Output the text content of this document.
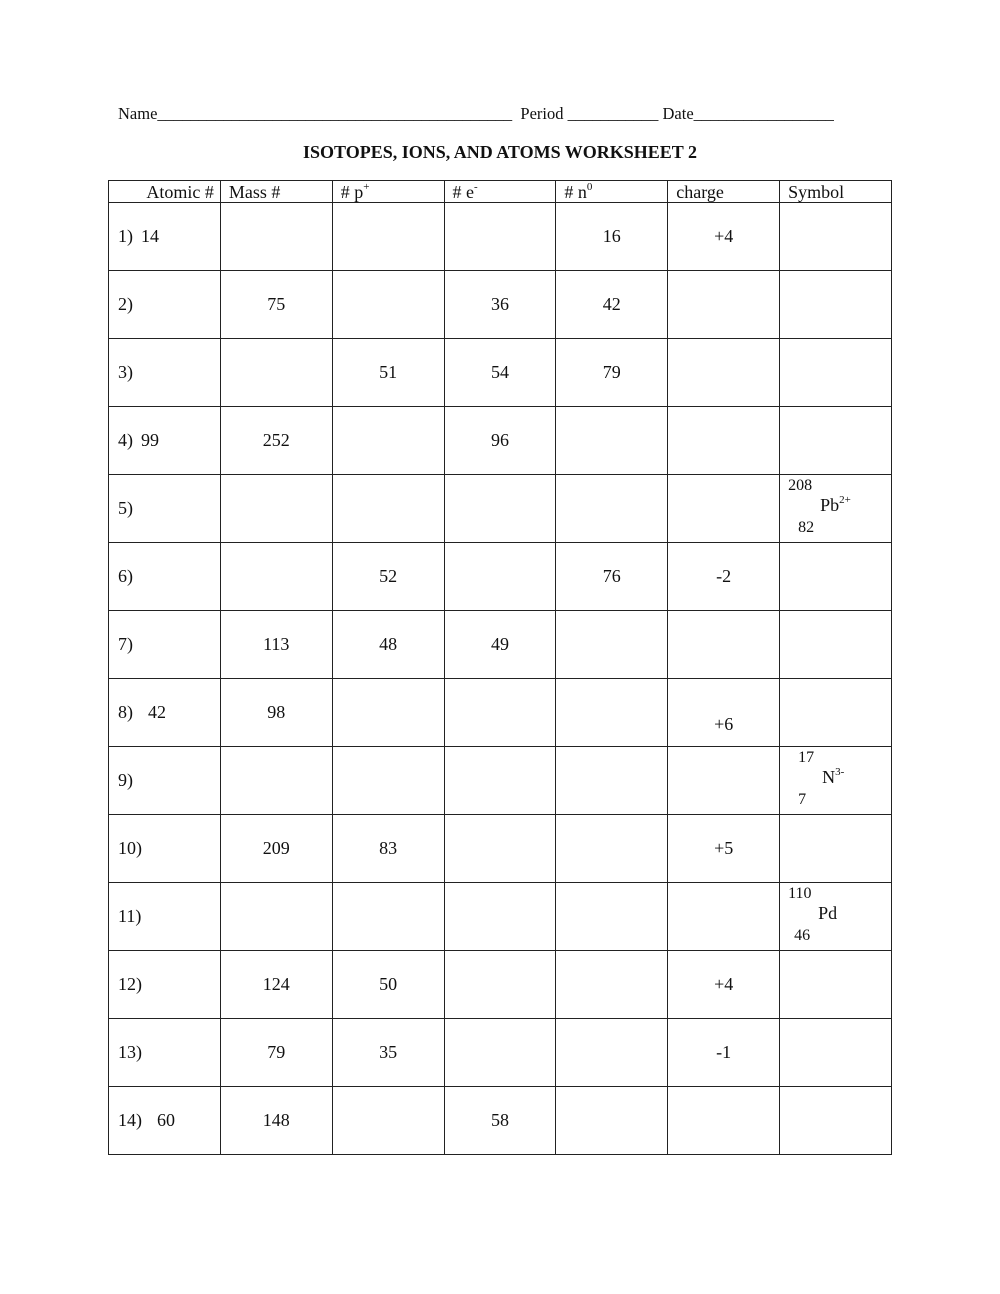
Name___________________________________________ Period ___________ Date_________________
ISOTOPES, IONS, AND ATOMS WORKSHEET 2
Atomic #	Mass #	# p+	# e-	# $n^0$	charge	Symbol
1) 14				16	+4	
2)	75		36	42		
3)		51	54	79		
4) 99	252		96			
5)						208
$Pb^{2+}$
82

6)		52		76	-2	
7)	113	48	49			
8) 42	98				+6	
9)						17
$N^{3-}$
7

10)	209	83			+5	
11)						110
Pd
46

12)	124	50			+4	
13)	79	35			-1	
14) 60	148		58			
